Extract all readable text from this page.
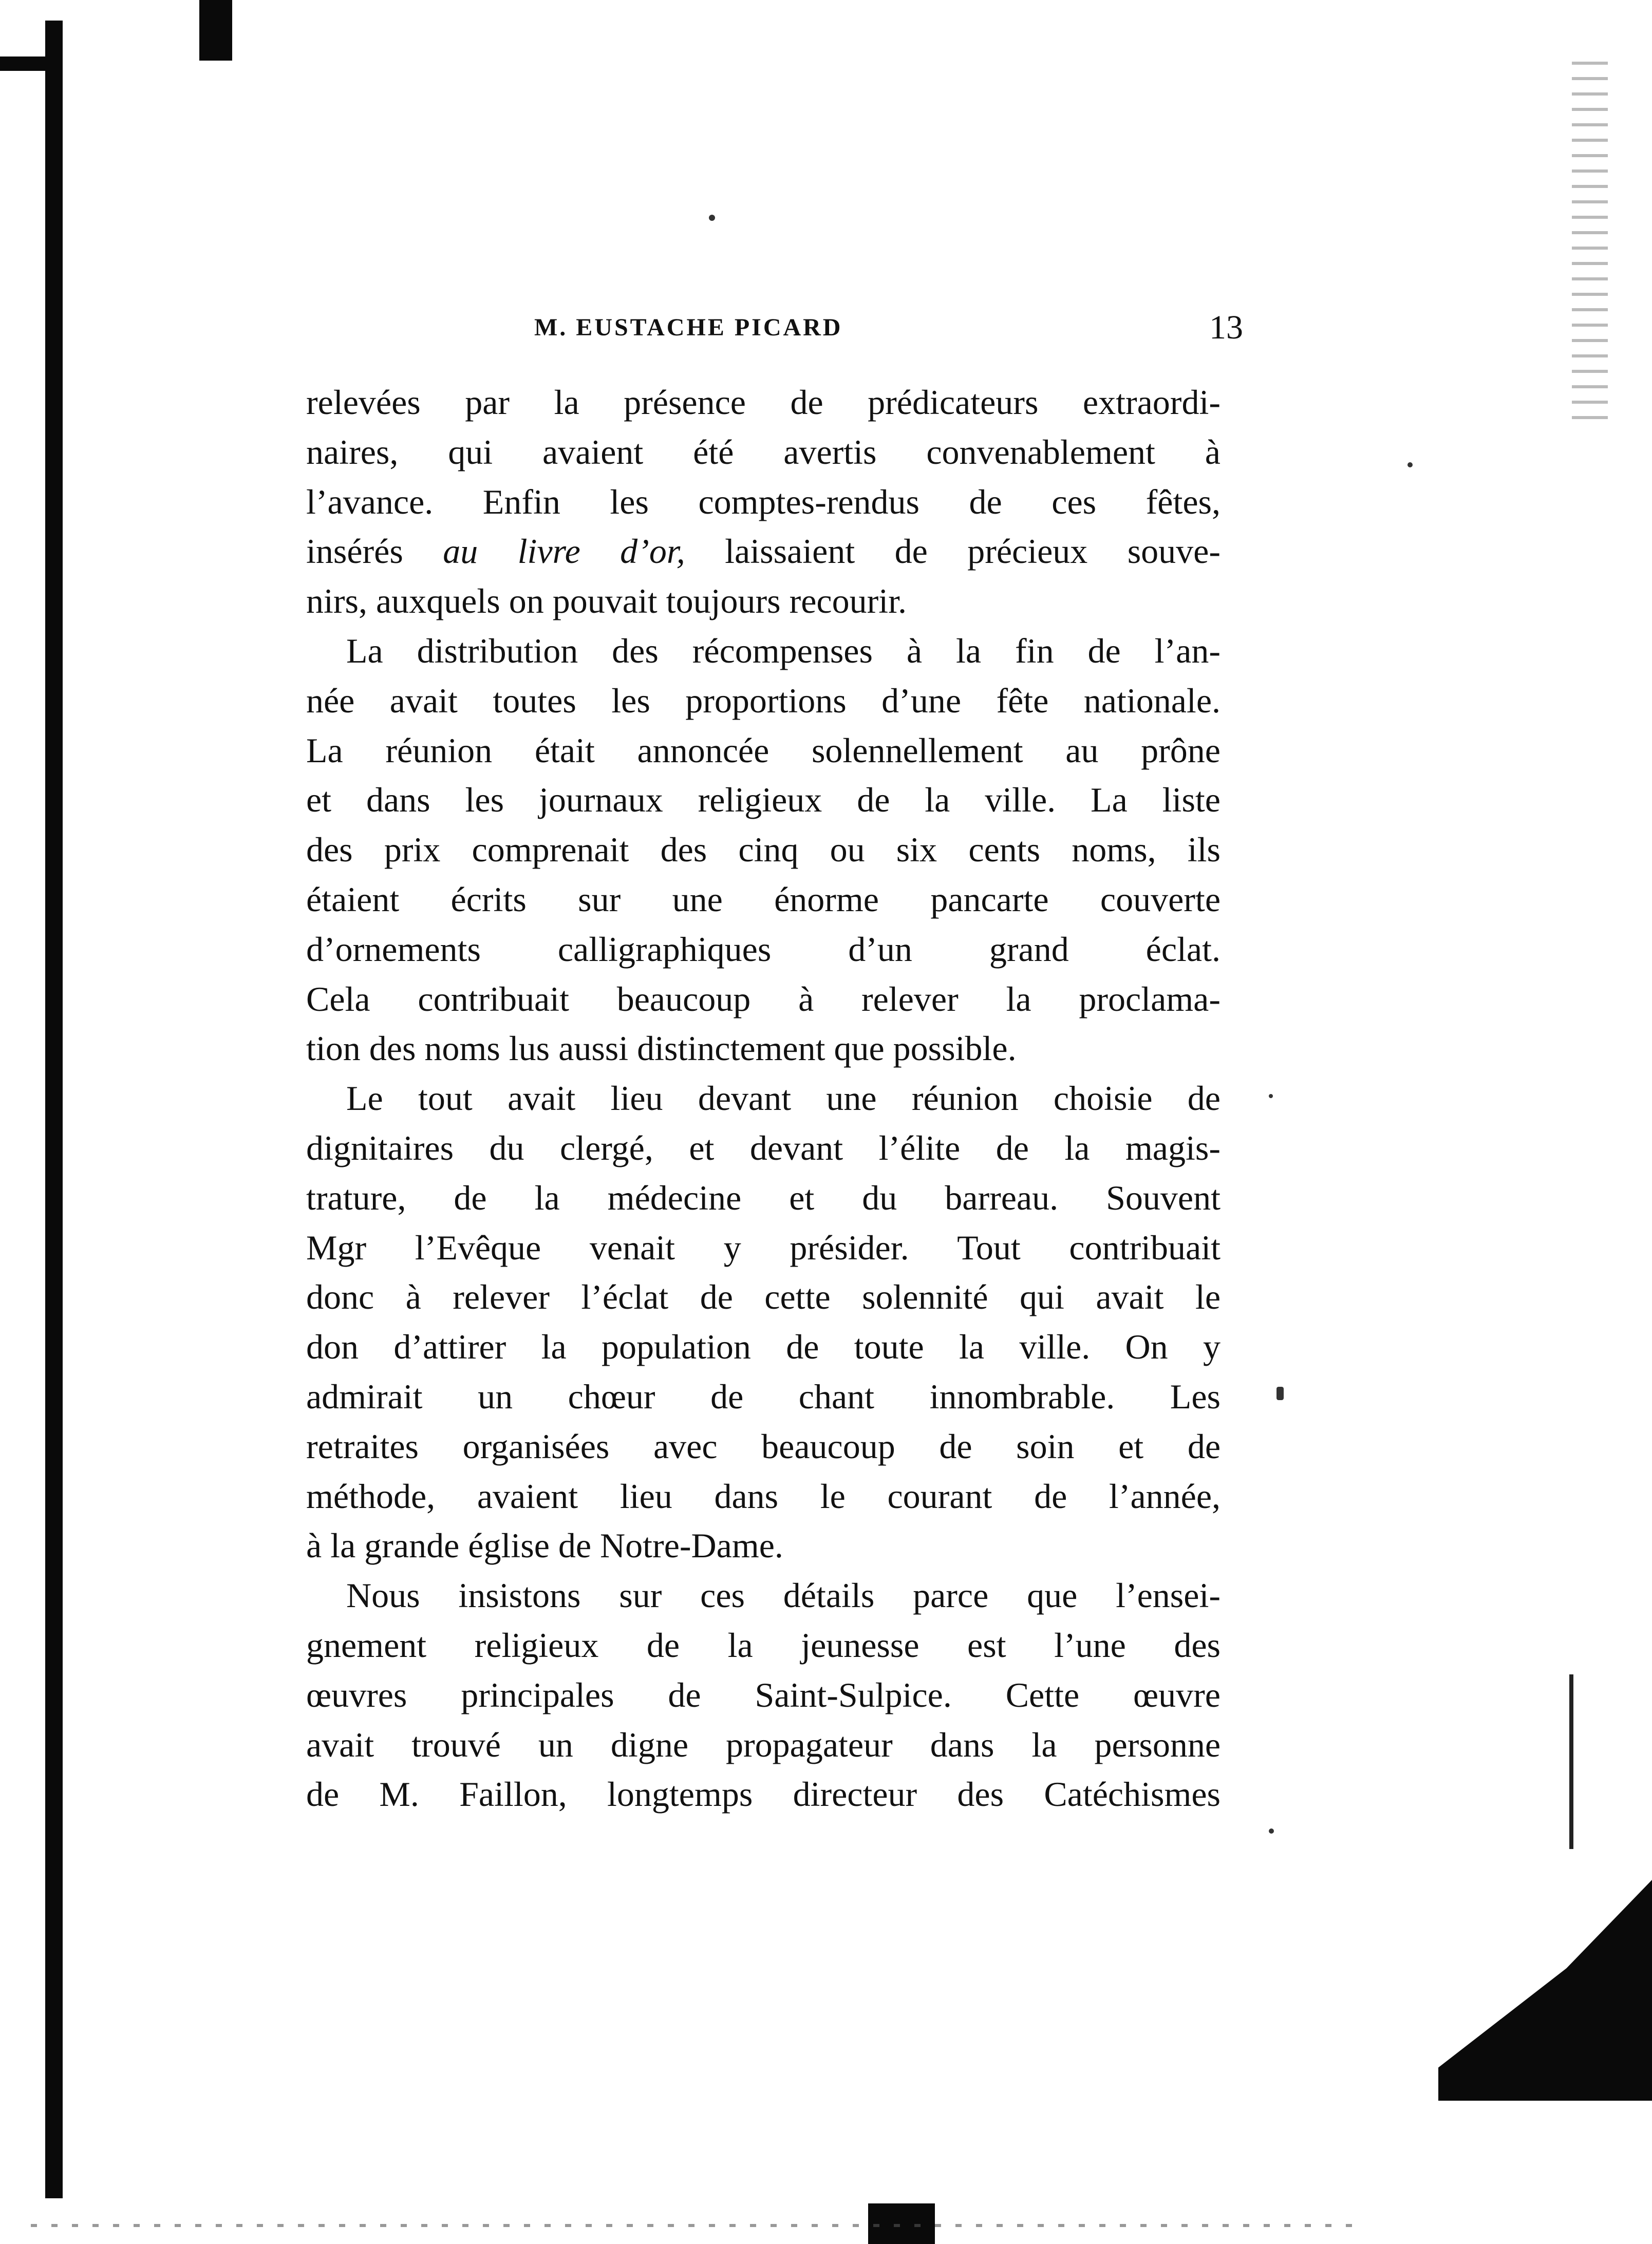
M. EUSTACHE PICARD	13
relevées par la présence de prédicateurs extraordi-
naires, qui avaient été avertis convenablement à
l’avance. Enfin les comptes-rendus de ces fêtes,
insérés au livre d’or, laissaient de précieux souve-
nirs, auxquels on pouvait toujours recourir.
La distribution des récompenses à la fin de l’an-
née avait toutes les proportions d’une fête nationale.
La réunion était annoncée solennellement au prône
et dans les journaux religieux de la ville. La liste
des prix comprenait des cinq ou six cents noms, ils
étaient écrits sur une énorme pancarte couverte
d’ornements calligraphiques d’un grand éclat.
Cela contribuait beaucoup à relever la proclama-
tion des noms lus aussi distinctement que possible.
Le tout avait lieu devant une réunion choisie de
dignitaires du clergé, et devant l’élite de la magis-
trature, de la médecine et du barreau. Souvent
Mgr l’Evêque venait y présider. Tout contribuait
donc à relever l’éclat de cette solennité qui avait le
don d’attirer la population de toute la ville. On y
admirait un chœur de chant innombrable. Les
retraites organisées avec beaucoup de soin et de
méthode, avaient lieu dans le courant de l’année,
à la grande église de Notre-Dame.
Nous insistons sur ces détails parce que l’ensei-
gnement religieux de la jeunesse est l’une des
œuvres principales de Saint-Sulpice. Cette œuvre
avait trouvé un digne propagateur dans la personne
de M. Faillon, longtemps directeur des Catéchismes
